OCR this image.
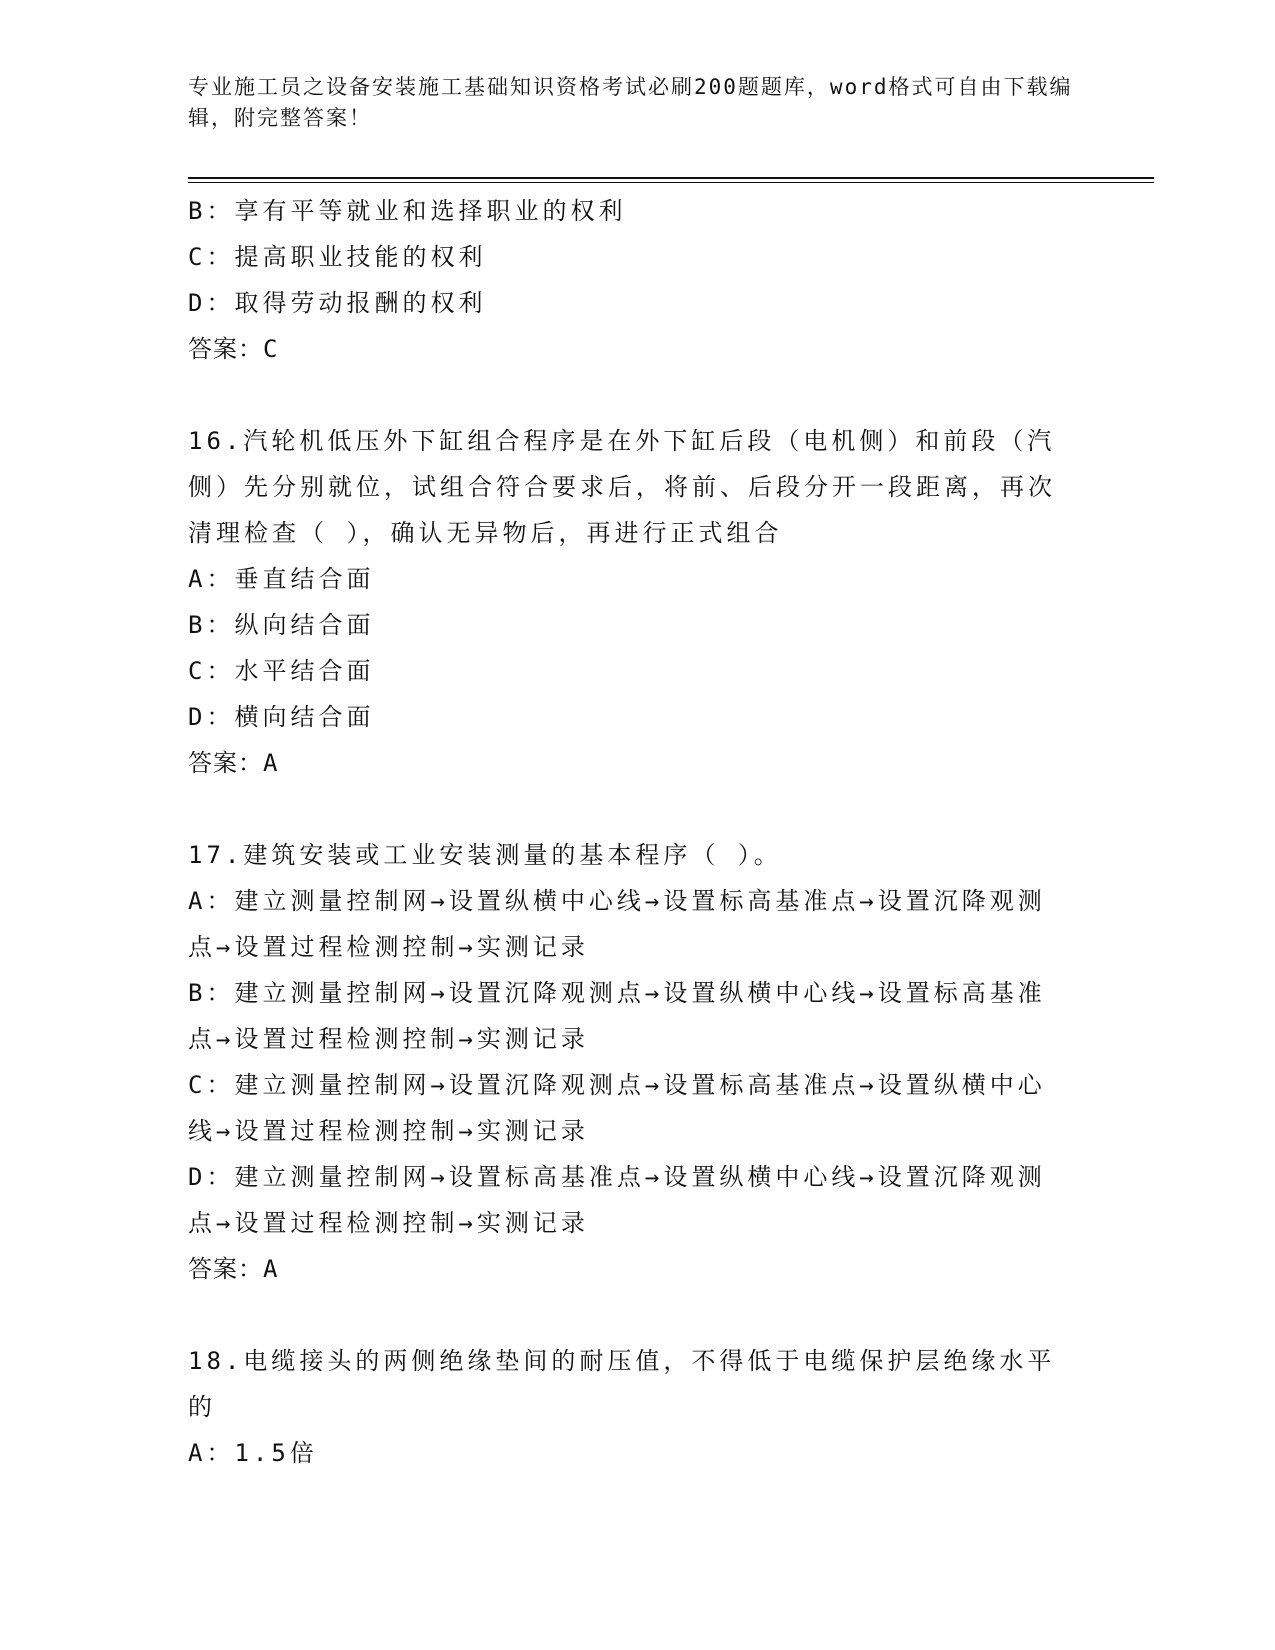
专业施工员之设备安装施工基础知识资格考试必刷200题题库，word格式可自由下载编辑，附完整答案！

B：享有平等就业和选择职业的权利

C：提高职业技能的权利

D：取得劳动报酬的权利

答案：C

16.汽轮机低压外下缸组合程序是在外下缸后段（电机侧）和前段（汽侧）先分别就位，试组合符合要求后，将前、后段分开一段距离，再次清理检查（ ），确认无异物后，再进行正式组合

A：垂直结合面

B：纵向结合面

C：水平结合面

D：横向结合面

答案：A

17.建筑安装或工业安装测量的基本程序（ ）。

A：建立测量控制网→设置纵横中心线→设置标高基准点→设置沉降观测点→设置过程检测控制→实测记录

B：建立测量控制网→设置沉降观测点→设置纵横中心线→设置标高基准点→设置过程检测控制→实测记录

C：建立测量控制网→设置沉降观测点→设置标高基准点→设置纵横中心线→设置过程检测控制→实测记录

D：建立测量控制网→设置标高基准点→设置纵横中心线→设置沉降观测点→设置过程检测控制→实测记录

答案：A

18.电缆接头的两侧绝缘垫间的耐压值，不得低于电缆保护层绝缘水平的

A：1.5倍
